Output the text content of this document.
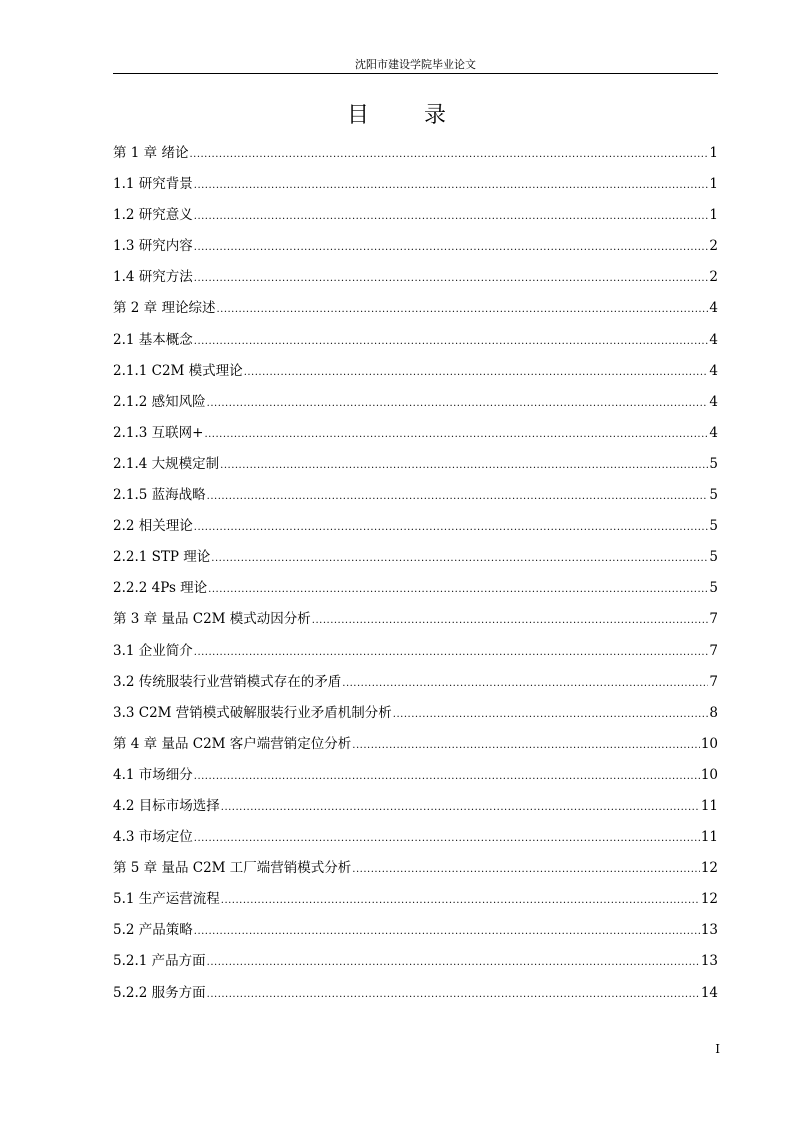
沈阳市建设学院毕业论文
目 录
第 1 章 绪论 .....	1
1.1 研究背景 .....	1
1.2 研究意义 .....	1
1.3 研究内容 .....	2
1.4 研究方法 .....	2
第 2 章 理论综述 .....	4
2.1 基本概念 .....	4
2.1.1 C2M 模式理论 .....	4
2.1.2 感知风险 .....	4
2.1.3 互联网+ .....	4
2.1.4 大规模定制 .....	5
2.1.5 蓝海战略 .....	5
2.2 相关理论 .....	5
2.2.1 STP 理论 .....	5
2.2.2 4Ps 理论 .....	5
第 3 章 量品 C2M 模式动因分析 .....	7
3.1 企业简介 .....	7
3.2 传统服装行业营销模式存在的矛盾 .....	7
3.3 C2M 营销模式破解服装行业矛盾机制分析 .....	8
第 4 章 量品 C2M 客户端营销定位分析 .....	10
4.1 市场细分 .....	10
4.2 目标市场选择 .....	11
4.3 市场定位 .....	11
第 5 章 量品 C2M 工厂端营销模式分析 .....	12
5.1 生产运营流程 .....	12
5.2 产品策略 .....	13
5.2.1 产品方面 .....	13
5.2.2 服务方面 .....	14
I
